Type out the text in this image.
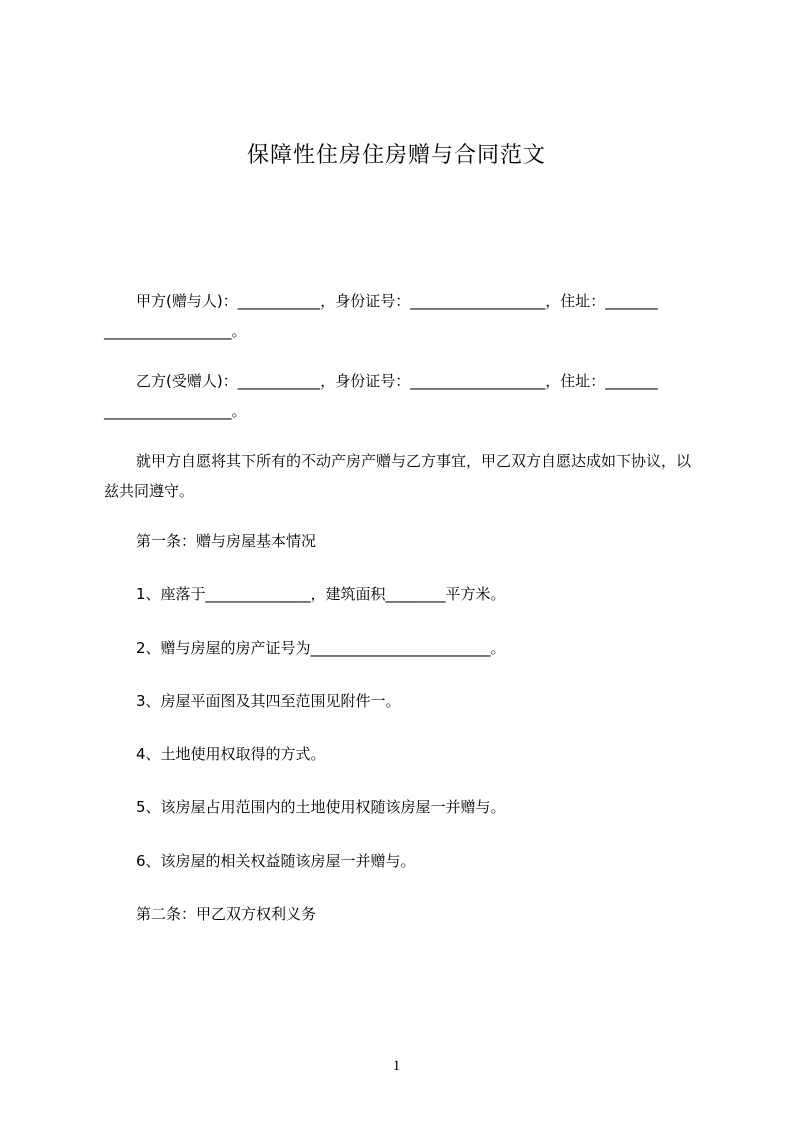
保障性住房住房赠与合同范文
甲方(赠与人)：___________，身份证号：__________________，住址：_______
_________________。
乙方(受赠人)：___________，身份证号：__________________，住址：_______
_________________。
就甲方自愿将其下所有的不动产房产赠与乙方事宜，甲乙双方自愿达成如下协议，以兹共同遵守。
第一条：赠与房屋基本情况
1、座落于______________，建筑面积________平方米。
2、赠与房屋的房产证号为________________________。
3、房屋平面图及其四至范围见附件一。
4、土地使用权取得的方式。
5、该房屋占用范围内的土地使用权随该房屋一并赠与。
6、该房屋的相关权益随该房屋一并赠与。
第二条：甲乙双方权利义务
1
